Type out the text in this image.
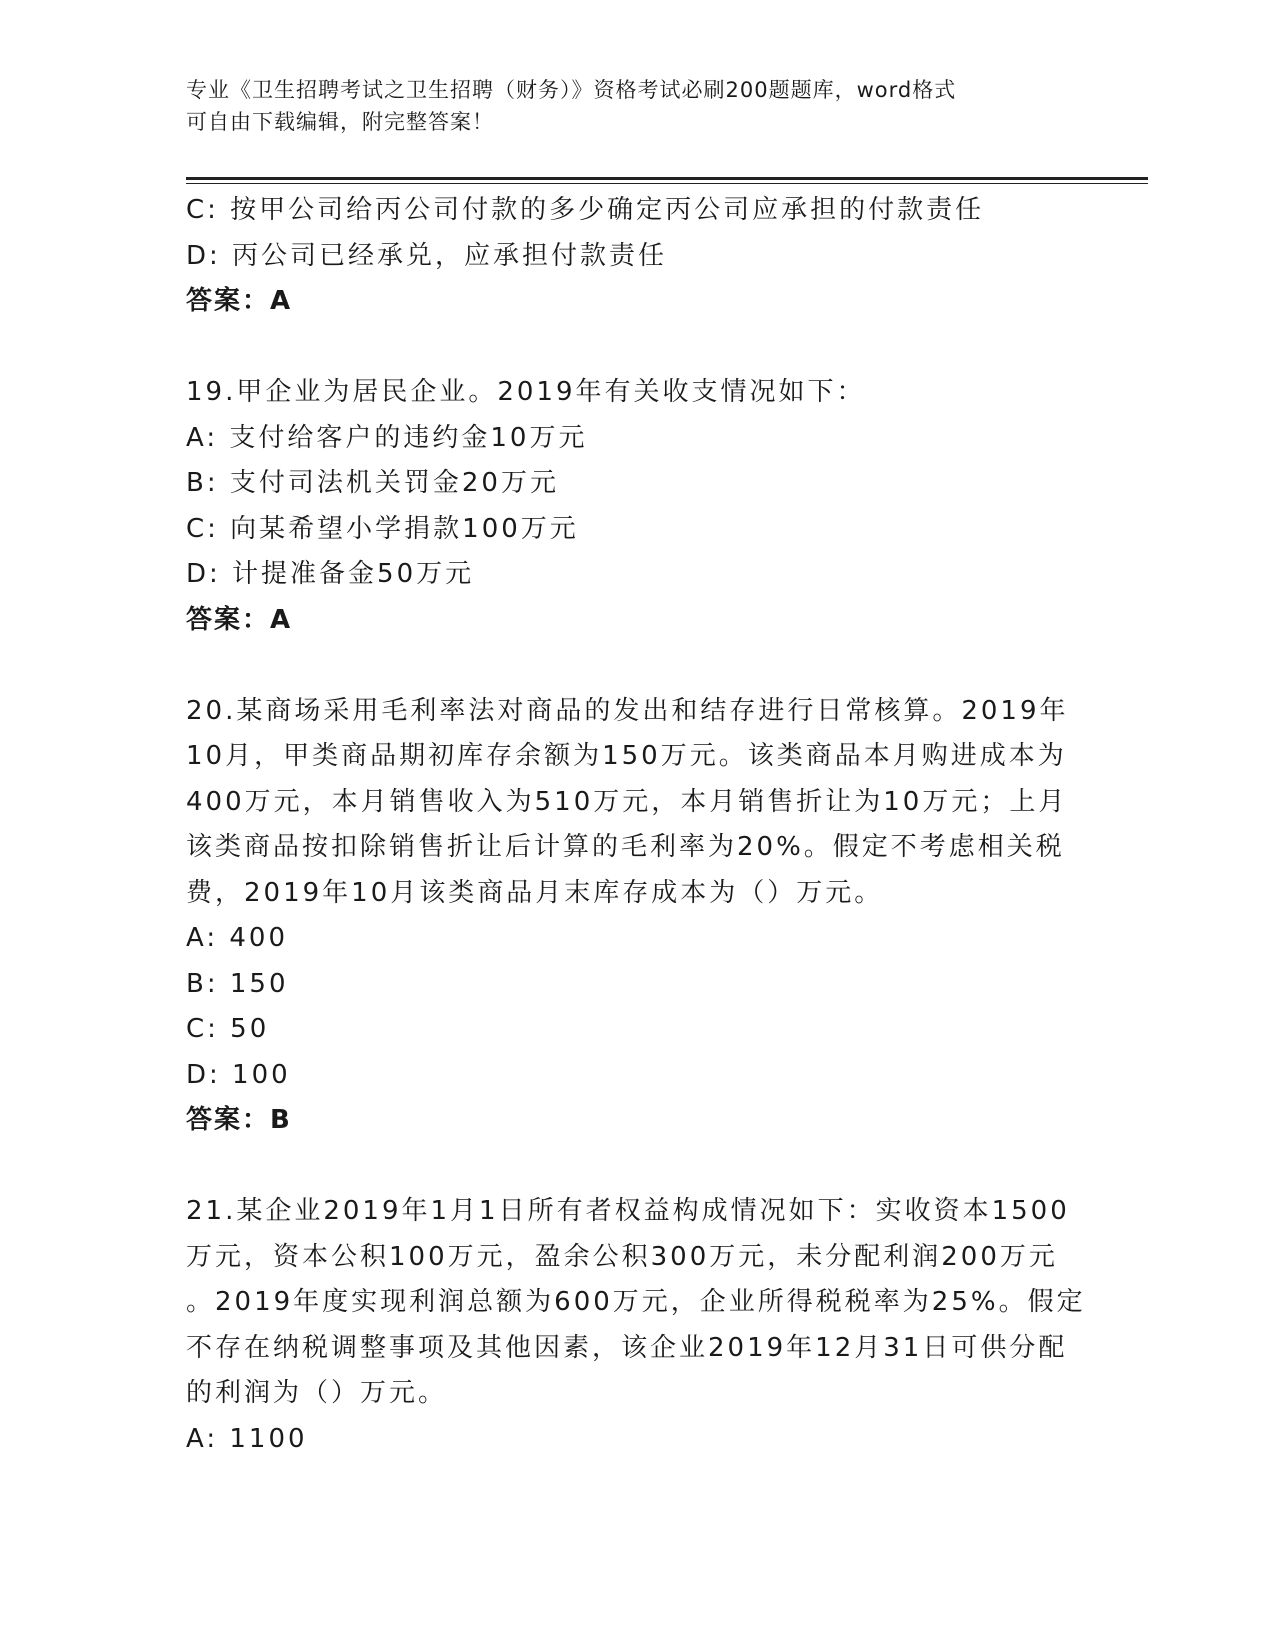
专业《卫生招聘考试之卫生招聘（财务）》资格考试必刷200题题库，word格式
可自由下载编辑，附完整答案！

C: 按甲公司给丙公司付款的多少确定丙公司应承担的付款责任

D: 丙公司已经承兑，应承担付款责任

答案：A

19.甲企业为居民企业。2019年有关收支情况如下：

A: 支付给客户的违约金10万元

B: 支付司法机关罚金20万元

C: 向某希望小学捐款100万元

D: 计提准备金50万元

答案：A

20.某商场采用毛利率法对商品的发出和结存进行日常核算。2019年

10月，甲类商品期初库存余额为150万元。该类商品本月购进成本为

400万元，本月销售收入为510万元，本月销售折让为10万元；上月

该类商品按扣除销售折让后计算的毛利率为20%。假定不考虑相关税

费，2019年10月该类商品月末库存成本为（）万元。

A: 400

B: 150

C: 50

D: 100

答案：B

21.某企业2019年1月1日所有者权益构成情况如下：实收资本1500

万元，资本公积100万元，盈余公积300万元，未分配利润200万元

。2019年度实现利润总额为600万元，企业所得税税率为25%。假定

不存在纳税调整事项及其他因素，该企业2019年12月31日可供分配

的利润为（）万元。

A: 1100
